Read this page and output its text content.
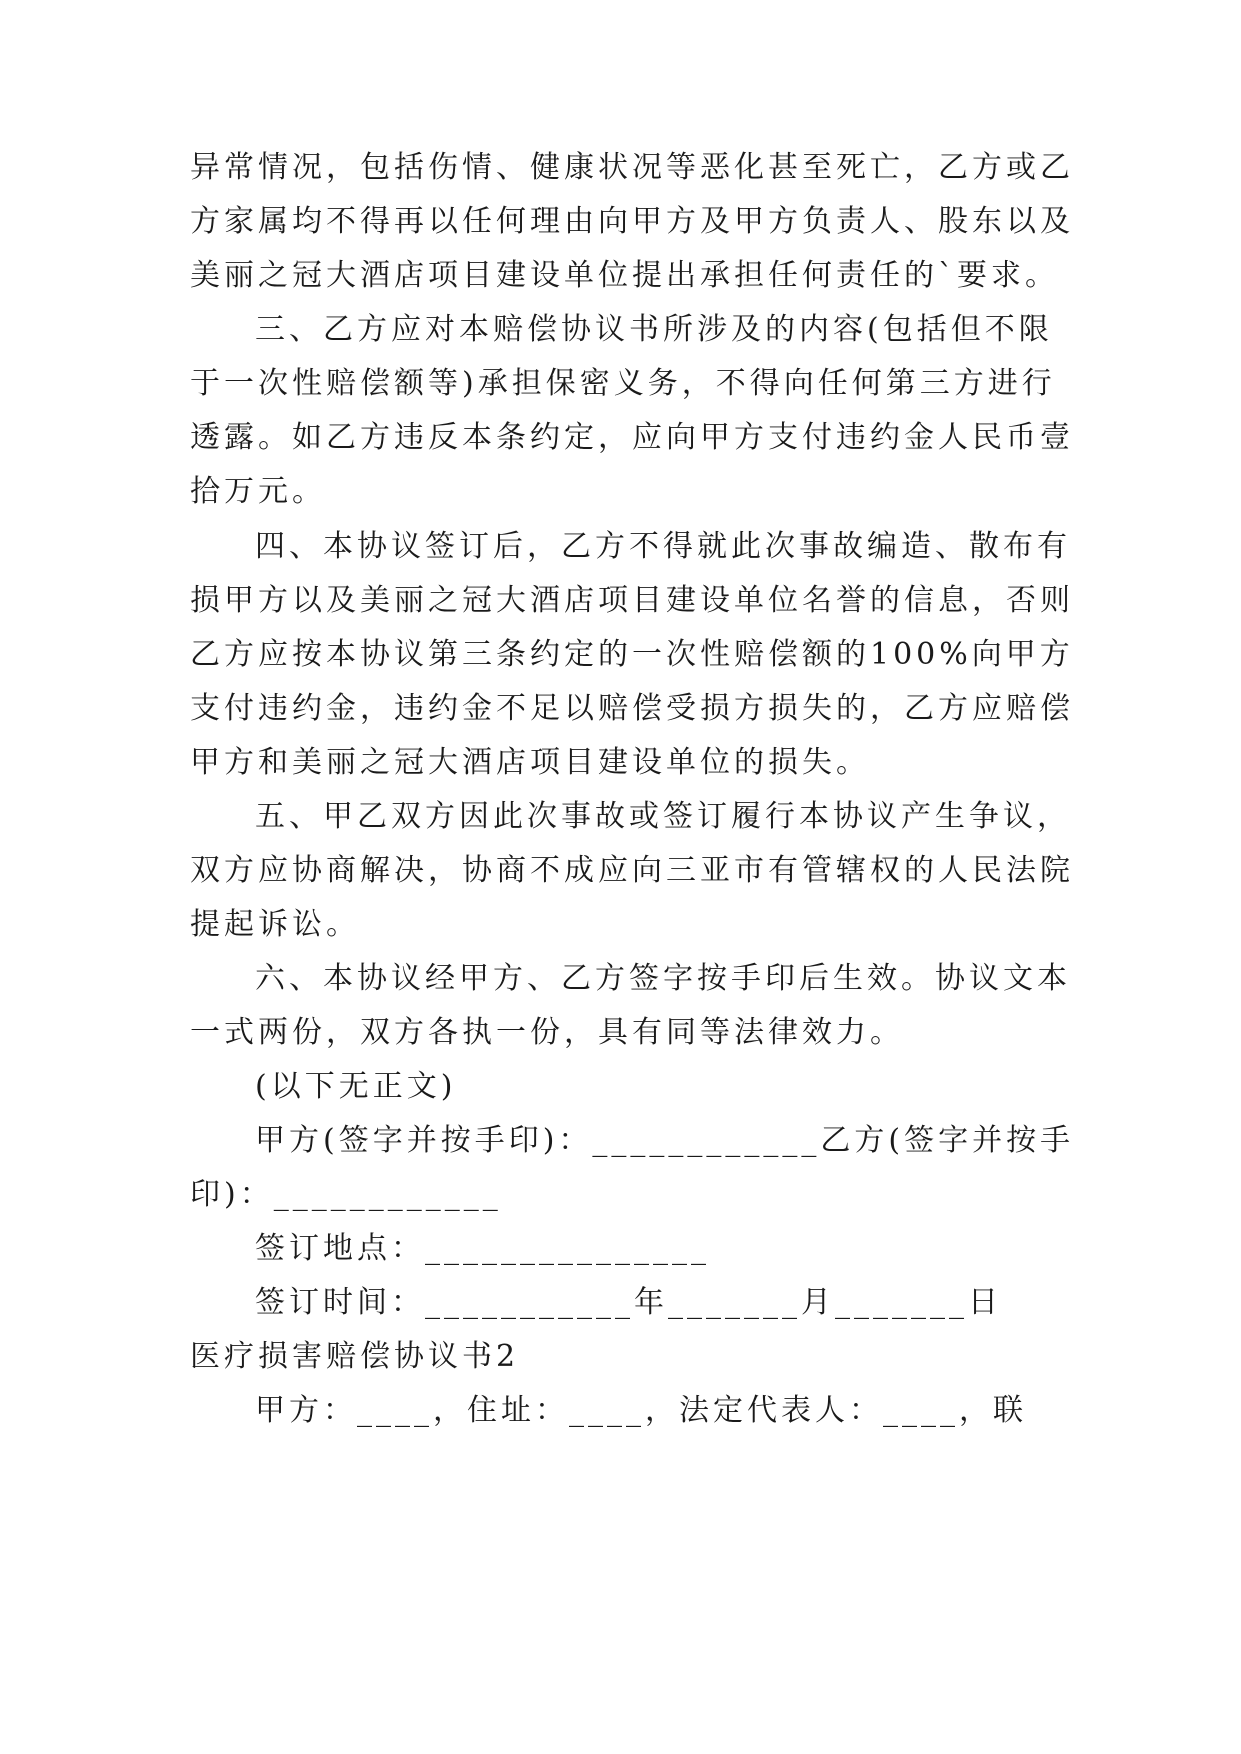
异常情况，包括伤情、健康状况等恶化甚至死亡，乙方或乙
方家属均不得再以任何理由向甲方及甲方负责人、股东以及
美丽之冠大酒店项目建设单位提出承担任何责任的`要求。
三、乙方应对本赔偿协议书所涉及的内容(包括但不限
于一次性赔偿额等)承担保密义务，不得向任何第三方进行
透露。如乙方违反本条约定，应向甲方支付违约金人民币壹
拾万元。
四、本协议签订后，乙方不得就此次事故编造、散布有
损甲方以及美丽之冠大酒店项目建设单位名誉的信息，否则
乙方应按本协议第三条约定的一次性赔偿额的100%向甲方
支付违约金，违约金不足以赔偿受损方损失的，乙方应赔偿
甲方和美丽之冠大酒店项目建设单位的损失。
五、甲乙双方因此次事故或签订履行本协议产生争议，
双方应协商解决，协商不成应向三亚市有管辖权的人民法院
提起诉讼。
六、本协议经甲方、乙方签字按手印后生效。协议文本
一式两份，双方各执一份，具有同等法律效力。
(以下无正文)
甲方(签字并按手印)：____________乙方(签字并按手
印)：____________
签订地点：_______________
签订时间：___________年_______月_______日
医疗损害赔偿协议书2
甲方：____，住址：____，法定代表人：____，联
